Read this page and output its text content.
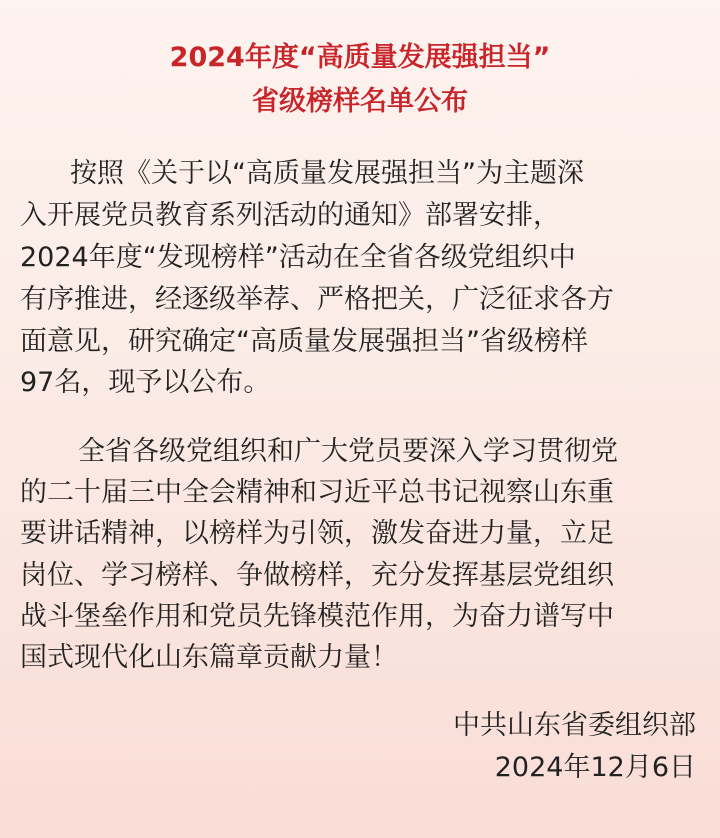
2024年度“高质量发展强担当”
省级榜样名单公布
按照《关于以“高质量发展强担当”为主题深
入开展党员教育系列活动的通知》部署安排，
2024年度“发现榜样”活动在全省各级党组织中
有序推进，经逐级举荐、严格把关，广泛征求各方
面意见，研究确定“高质量发展强担当”省级榜样
97名，现予以公布。
全省各级党组织和广大党员要深入学习贯彻党
的二十届三中全会精神和习近平总书记视察山东重
要讲话精神，以榜样为引领，激发奋进力量，立足
岗位、学习榜样、争做榜样，充分发挥基层党组织
战斗堡垒作用和党员先锋模范作用，为奋力谱写中
国式现代化山东篇章贡献力量！
中共山东省委组织部
2024年12月6日
